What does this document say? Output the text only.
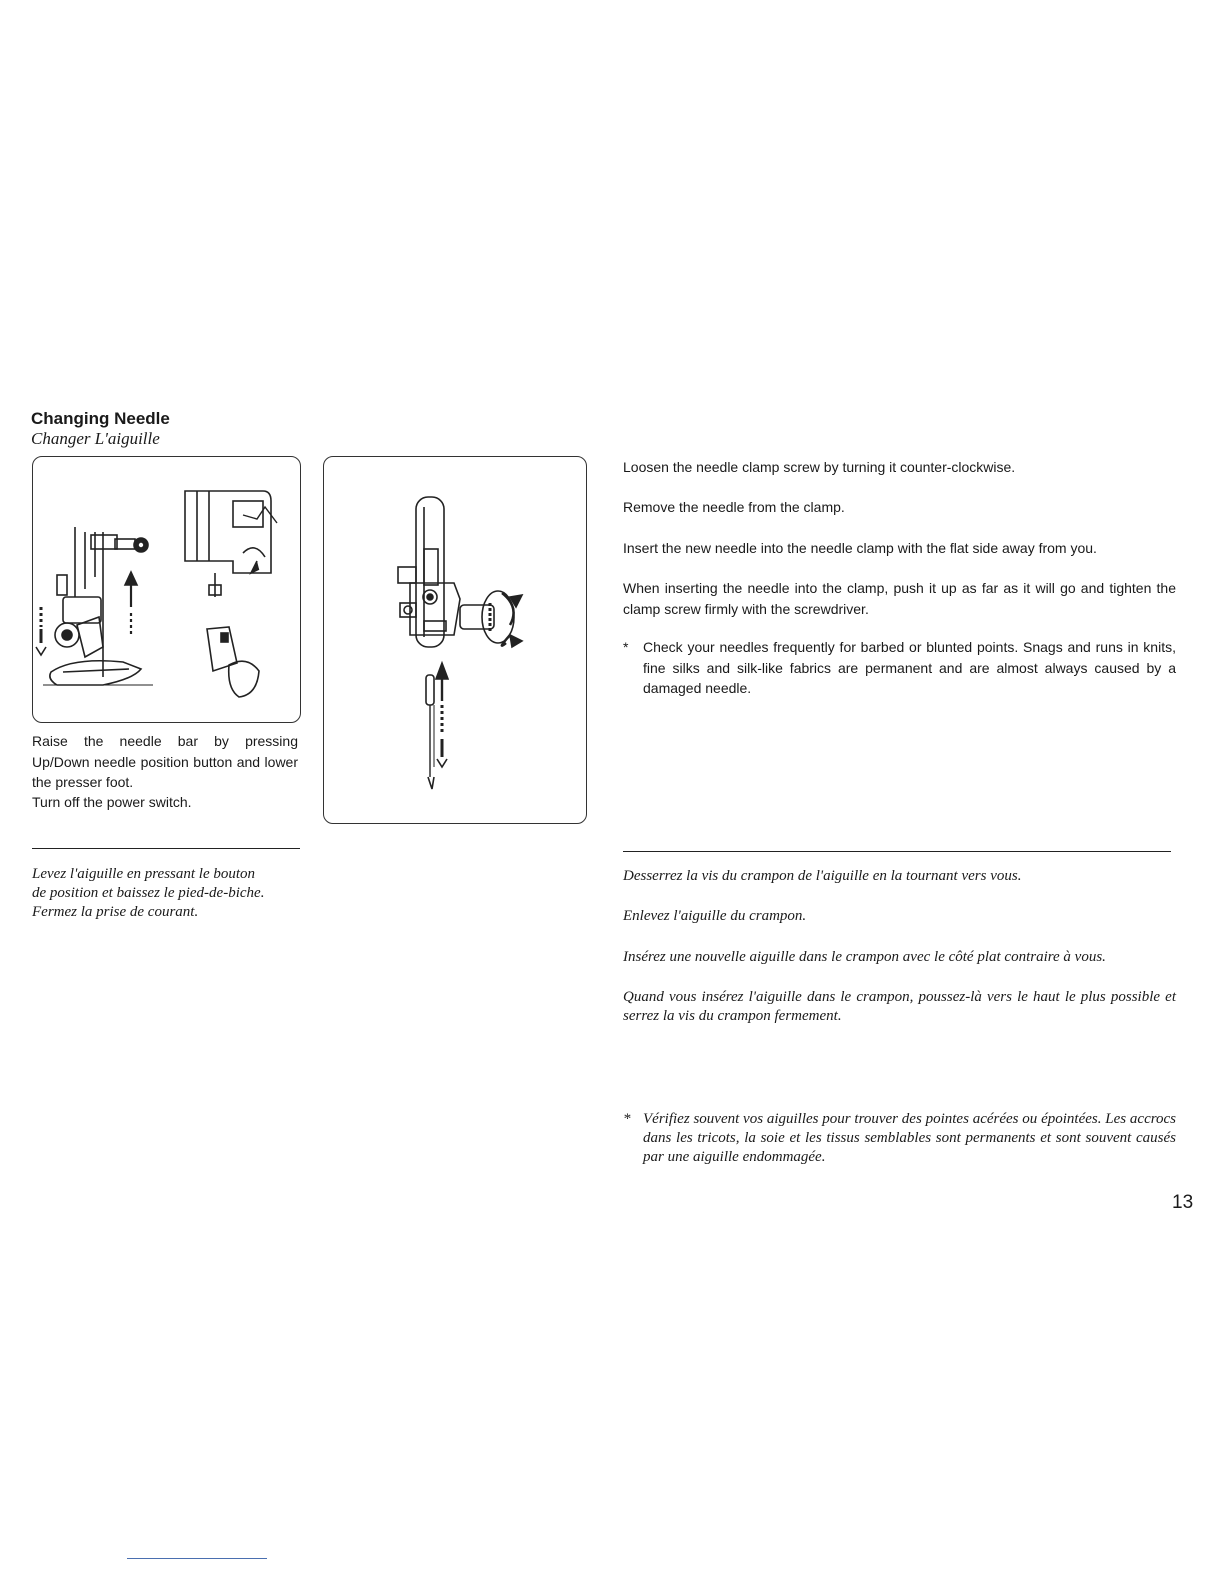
Changing Needle
Changer L'aiguille
Raise the needle bar by pressing Up/Down needle position button and lower the presser foot.
Turn off the power switch.
Levez l'aiguille en pressant le bouton
de position et baissez le pied-de-biche.
Fermez la prise de courant.
Loosen the needle clamp screw by turning it counter-clockwise.
Remove the needle from the clamp.
Insert the new needle into the needle clamp with the flat side away from you.
When inserting the needle into the clamp, push it up as far as it will go and tighten the clamp screw firmly with the screwdriver.
* Check your needles frequently for barbed or blunted points. Snags and runs in knits, fine silks and silk-like fabrics are permanent and are almost always caused by a damaged needle.
Desserrez la vis du crampon de l'aiguille en la tournant vers vous.
Enlevez l'aiguille du crampon.
Insérez une nouvelle aiguille dans le crampon avec le côté plat contraire à vous.
Quand vous insérez l'aiguille dans le crampon, poussez-là vers le haut le plus possible et serrez la vis du crampon fermement.
* Vérifiez souvent vos aiguilles pour trouver des pointes acérées ou épointées. Les accrocs dans les tricots, la soie et les tissus semblables sont permanents et sont souvent causés par une aiguille endommagée.
13
